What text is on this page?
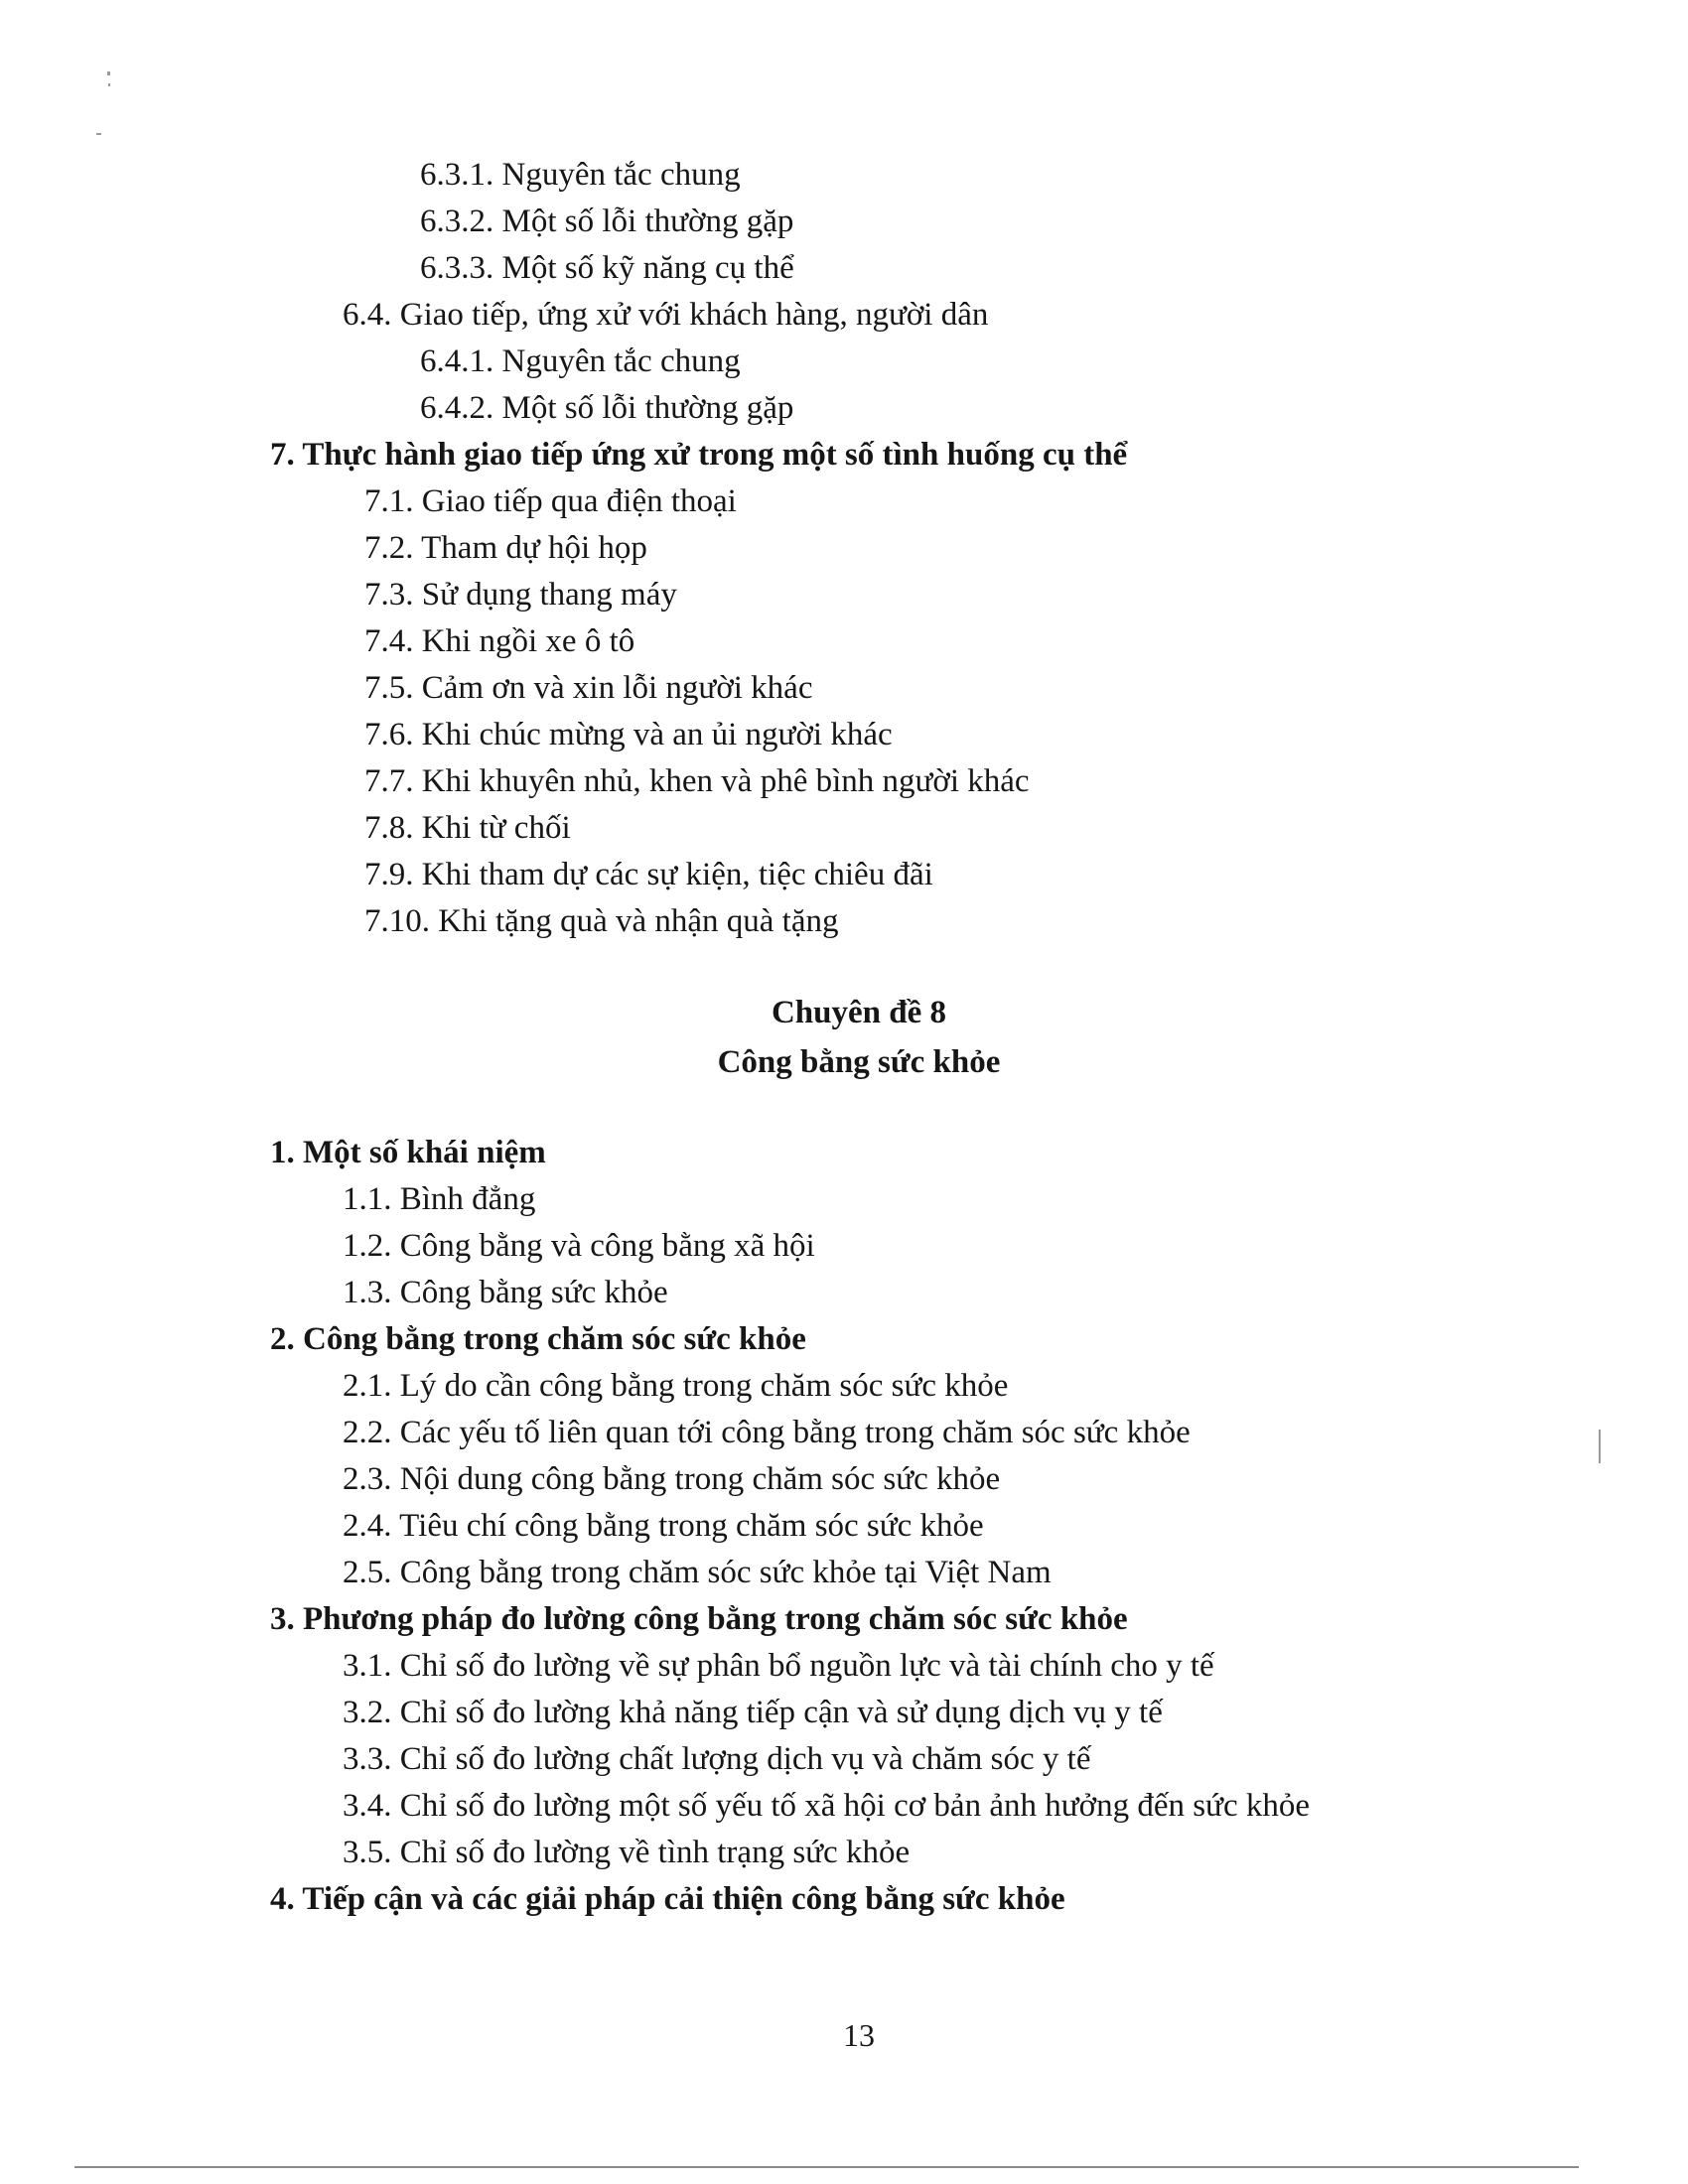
6.3.1. Nguyên tắc chung
6.3.2. Một số lỗi thường gặp
6.3.3. Một số kỹ năng cụ thể
6.4. Giao tiếp, ứng xử với khách hàng, người dân
6.4.1. Nguyên tắc chung
6.4.2. Một số lỗi thường gặp
7. Thực hành giao tiếp ứng xử trong một số tình huống cụ thể
7.1. Giao tiếp qua điện thoại
7.2. Tham dự hội họp
7.3. Sử dụng thang máy
7.4. Khi ngồi xe ô tô
7.5. Cảm ơn và xin lỗi người khác
7.6. Khi chúc mừng và an ủi người khác
7.7. Khi khuyên nhủ, khen và phê bình người khác
7.8. Khi từ chối
7.9. Khi tham dự các sự kiện, tiệc chiêu đãi
7.10. Khi tặng quà và nhận quà tặng
Chuyên đề 8
Công bằng sức khỏe
1. Một số khái niệm
1.1. Bình đẳng
1.2. Công bằng và công bằng xã hội
1.3. Công bằng sức khỏe
2. Công bằng trong chăm sóc sức khỏe
2.1. Lý do cần công bằng trong chăm sóc sức khỏe
2.2. Các yếu tố liên quan tới công bằng trong chăm sóc sức khỏe
2.3. Nội dung công bằng trong chăm sóc sức khỏe
2.4. Tiêu chí công bằng trong chăm sóc sức khỏe
2.5. Công bằng trong chăm sóc sức khỏe tại Việt Nam
3. Phương pháp đo lường công bằng trong chăm sóc sức khỏe
3.1. Chỉ số đo lường về sự phân bổ nguồn lực và tài chính cho y tế
3.2. Chỉ số đo lường khả năng tiếp cận và sử dụng dịch vụ y tế
3.3. Chỉ số đo lường chất lượng dịch vụ và chăm sóc y tế
3.4. Chỉ số đo lường một số yếu tố xã hội cơ bản ảnh hưởng đến sức khỏe
3.5. Chỉ số đo lường về tình trạng sức khỏe
4. Tiếp cận và các giải pháp cải thiện công bằng sức khỏe
13
